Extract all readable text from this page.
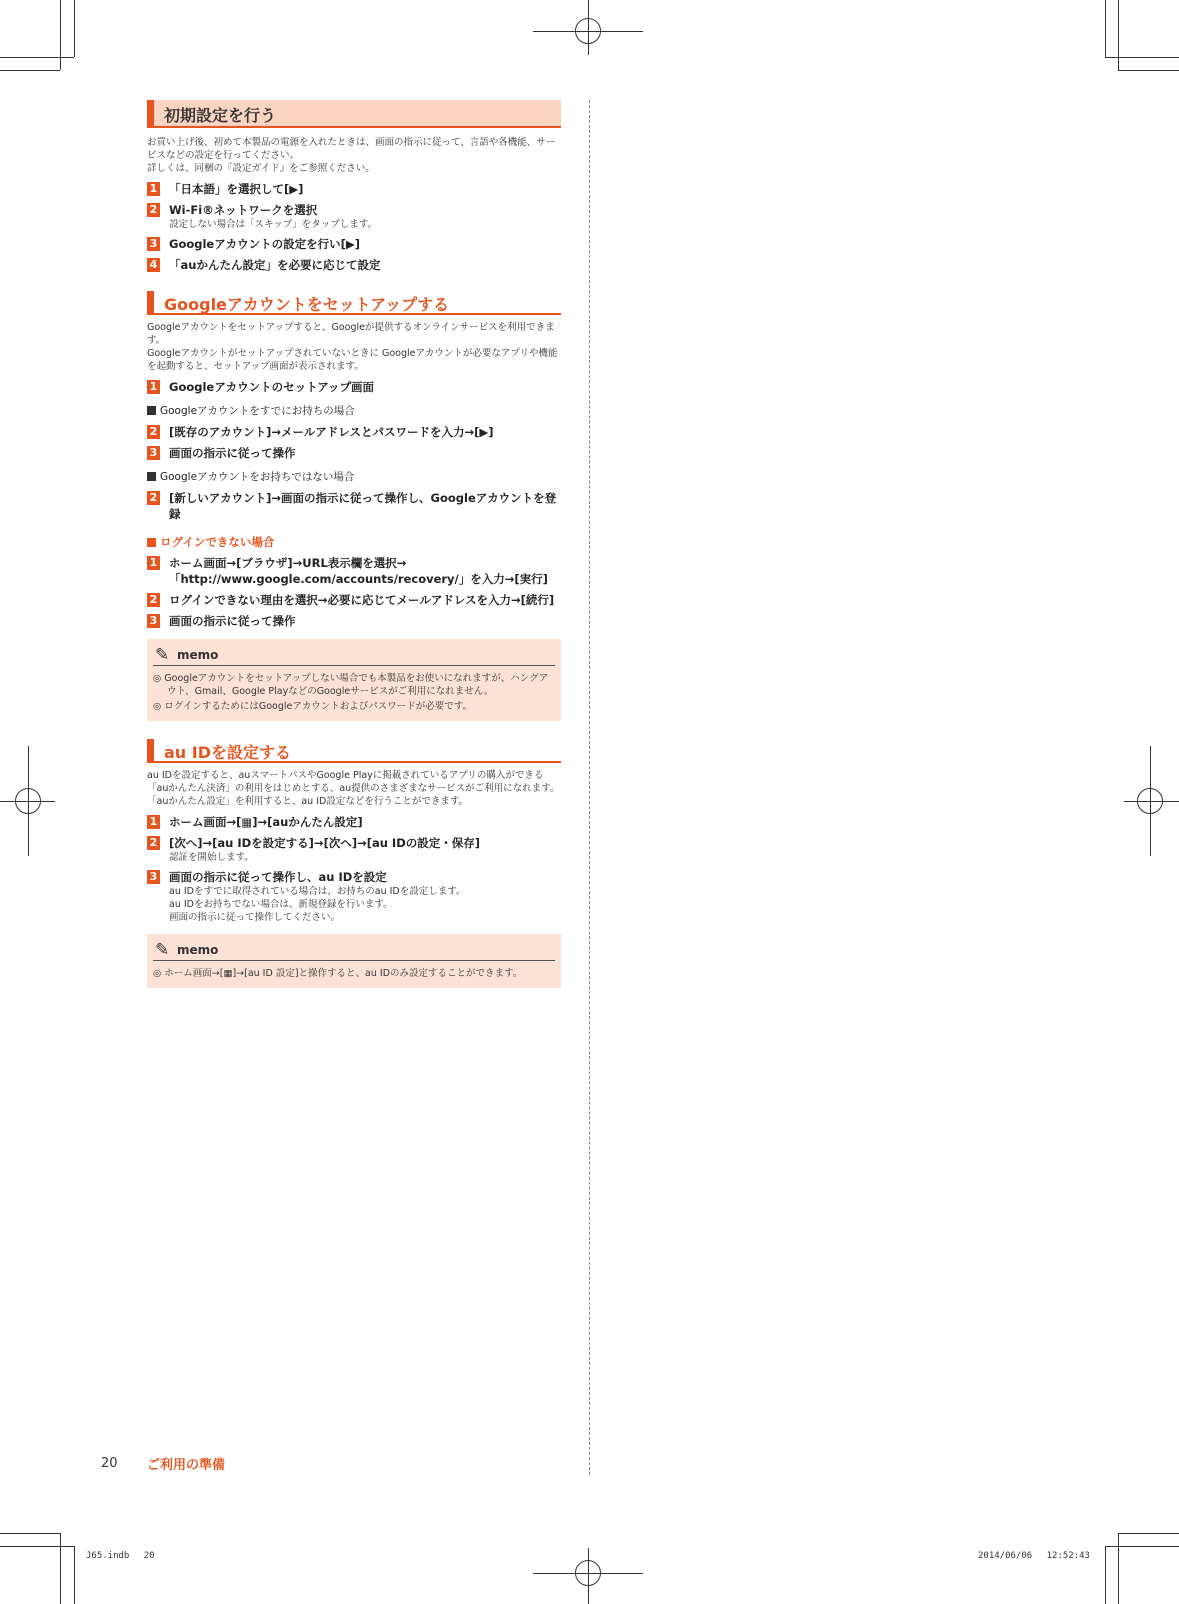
初期設定を行う

お買い上げ後、初めて本製品の電源を入れたときは、画面の指示に従って、言語や各機能、サービスなどの設定を行ってください。
詳しくは、同梱の『設定ガイド』をご参照ください。

1 「日本語」を選択して[▶]
2 Wi-Fi®ネットワークを選択
設定しない場合は「スキップ」をタップします。
3 Googleアカウントの設定を行い[▶]
4 「auかんたん設定」を必要に応じて設定
Googleアカウントをセットアップする

Googleアカウントをセットアップすると、Googleが提供するオンラインサービスを利用できます。
Googleアカウントがセットアップされていないときに Googleアカウントが必要なアプリや機能を起動すると、セットアップ画面が表示されます。

1 Googleアカウントのセットアップ画面
Googleアカウントをすでにお持ちの場合
2 [既存のアカウント]→メールアドレスとパスワードを入力→[▶]
3 画面の指示に従って操作
Googleアカウントをお持ちではない場合
2 [新しいアカウント]→画面の指示に従って操作し、Googleアカウントを登録
ログインできない場合
1 ホーム画面→[ブラウザ]→URL表示欄を選択→「http://www.google.com/accounts/recovery/」を入力→[実行]
2 ログインできない理由を選択→必要に応じてメールアドレスを入力→[続行]
3 画面の指示に従って操作
✎ memo
◎ Googleアカウントをセットアップしない場合でも本製品をお使いになれますが、ハングアウト、Gmail、Google PlayなどのGoogleサービスがご利用になれません。
◎ ログインするためにはGoogleアカウントおよびパスワードが必要です。
au IDを設定する

au IDを設定すると、auスマートパスやGoogle Playに掲載されているアプリの購入ができる「auかんたん決済」の利用をはじめとする、au提供のさまざまなサービスがご利用になれます。
「auかんたん設定」を利用すると、au ID設定などを行うことができます。

1 ホーム画面→[▦]→[auかんたん設定]
2 [次へ]→[au IDを設定する]→[次へ]→[au IDの設定・保存]
認証を開始します。
3 画面の指示に従って操作し、au IDを設定
au IDをすでに取得されている場合は、お持ちのau IDを設定します。
au IDをお持ちでない場合は、新規登録を行います。
画面の指示に従って操作してください。
✎ memo
◎ ホーム画面→[▦]→[au ID 設定]と操作すると、au IDのみ設定することができます。
20 ご利用の準備
J65.indb　 20	2014/06/06　 12:52:43
